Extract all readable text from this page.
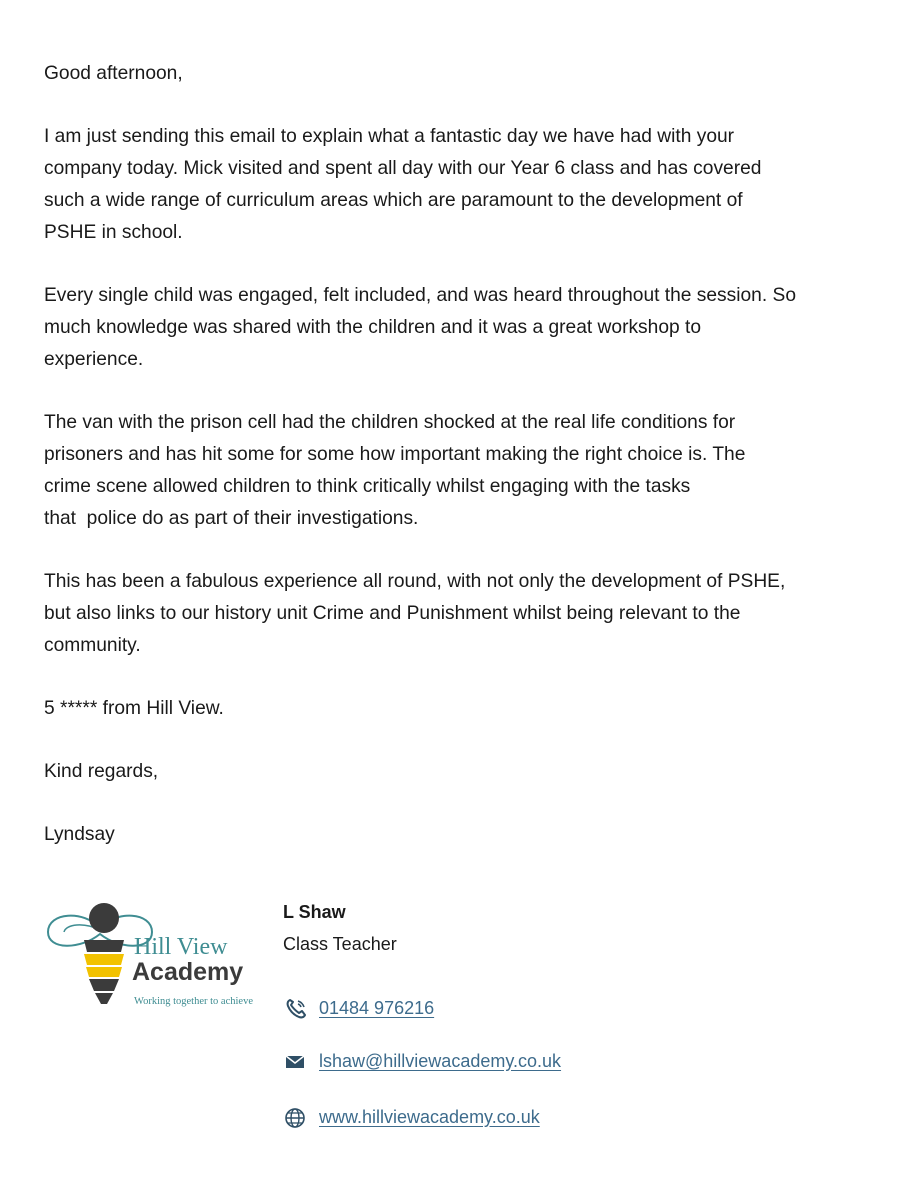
Good afternoon,

I am just sending this email to explain what a fantastic day we have had with your
company today. Mick visited and spent all day with our Year 6 class and has covered
such a wide range of curriculum areas which are paramount to the development of
PSHE in school.

Every single child was engaged, felt included, and was heard throughout the session. So
much knowledge was shared with the children and it was a great workshop to
experience.

The van with the prison cell had the children shocked at the real life conditions for
prisoners and has hit some for some how important making the right choice is. The
crime scene allowed children to think critically whilst engaging with the tasks
that  police do as part of their investigations.

This has been a fabulous experience all round, with not only the development of PSHE,
but also links to our history unit Crime and Punishment whilst being relevant to the
community.

5 ***** from Hill View.

Kind regards,

Lyndsay

Hill View
Academy
Working together to achieve
L Shaw
Class Teacher
01484 976216
lshaw@hillviewacademy.co.uk
www.hillviewacademy.co.uk
